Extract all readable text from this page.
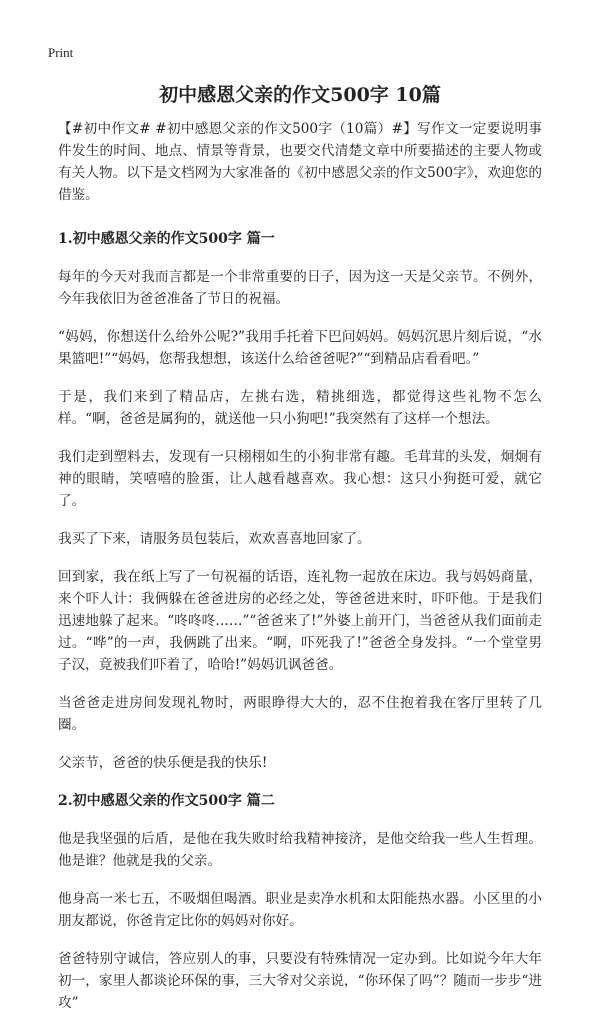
Print
初中感恩父亲的作文500字 10篇

【#初中作文# #初中感恩父亲的作文500字（10篇）#】写作文一定要说明事件发生的时间、地点、情景等背景，也要交代清楚文章中所要描述的主要人物或有关人物。以下是文档网为大家准备的《初中感恩父亲的作文500字》，欢迎您的借鉴。

1.初中感恩父亲的作文500字 篇一

每年的今天对我而言都是一个非常重要的日子，因为这一天是父亲节。不例外，今年我依旧为爸爸准备了节日的祝福。

“妈妈，你想送什么给外公呢?”我用手托着下巴问妈妈。妈妈沉思片刻后说，“水果篮吧!”“妈妈，您帮我想想，该送什么给爸爸呢?”“到精品店看看吧。”

于是，我们来到了精品店，左挑右选，精挑细选，都觉得这些礼物不怎么样。“啊，爸爸是属狗的，就送他一只小狗吧!”我突然有了这样一个想法。

我们走到塑料去，发现有一只栩栩如生的小狗非常有趣。毛茸茸的头发，炯炯有神的眼睛，笑嘻嘻的脸蛋，让人越看越喜欢。我心想：这只小狗挺可爱，就它了。

我买了下来，请服务员包装后，欢欢喜喜地回家了。

回到家，我在纸上写了一句祝福的话语，连礼物一起放在床边。我与妈妈商量，来个吓人计：我俩躲在爸爸进房的必经之处，等爸爸进来时，吓吓他。于是我们迅速地躲了起来。“咚咚咚……”“爸爸来了!”外婆上前开门，当爸爸从我们面前走过。“哗”的一声，我俩跳了出来。“啊，吓死我了!”爸爸全身发抖。“一个堂堂男子汉，竟被我们吓着了，哈哈!”妈妈讥讽爸爸。

当爸爸走进房间发现礼物时，两眼睁得大大的，忍不住抱着我在客厅里转了几圈。

父亲节，爸爸的快乐便是我的快乐!

2.初中感恩父亲的作文500字 篇二

他是我坚强的后盾，是他在我失败时给我精神接济，是他交给我一些人生哲理。他是谁？他就是我的父亲。

他身高一米七五，不吸烟但喝酒。职业是卖净水机和太阳能热水器。小区里的小朋友都说，你爸肯定比你的妈妈对你好。

爸爸特别守诚信，答应别人的事，只要没有特殊情况一定办到。比如说今年大年初一，家里人都谈论环保的事，三大爷对父亲说，“你环保了吗”？随而一步步“进攻”
